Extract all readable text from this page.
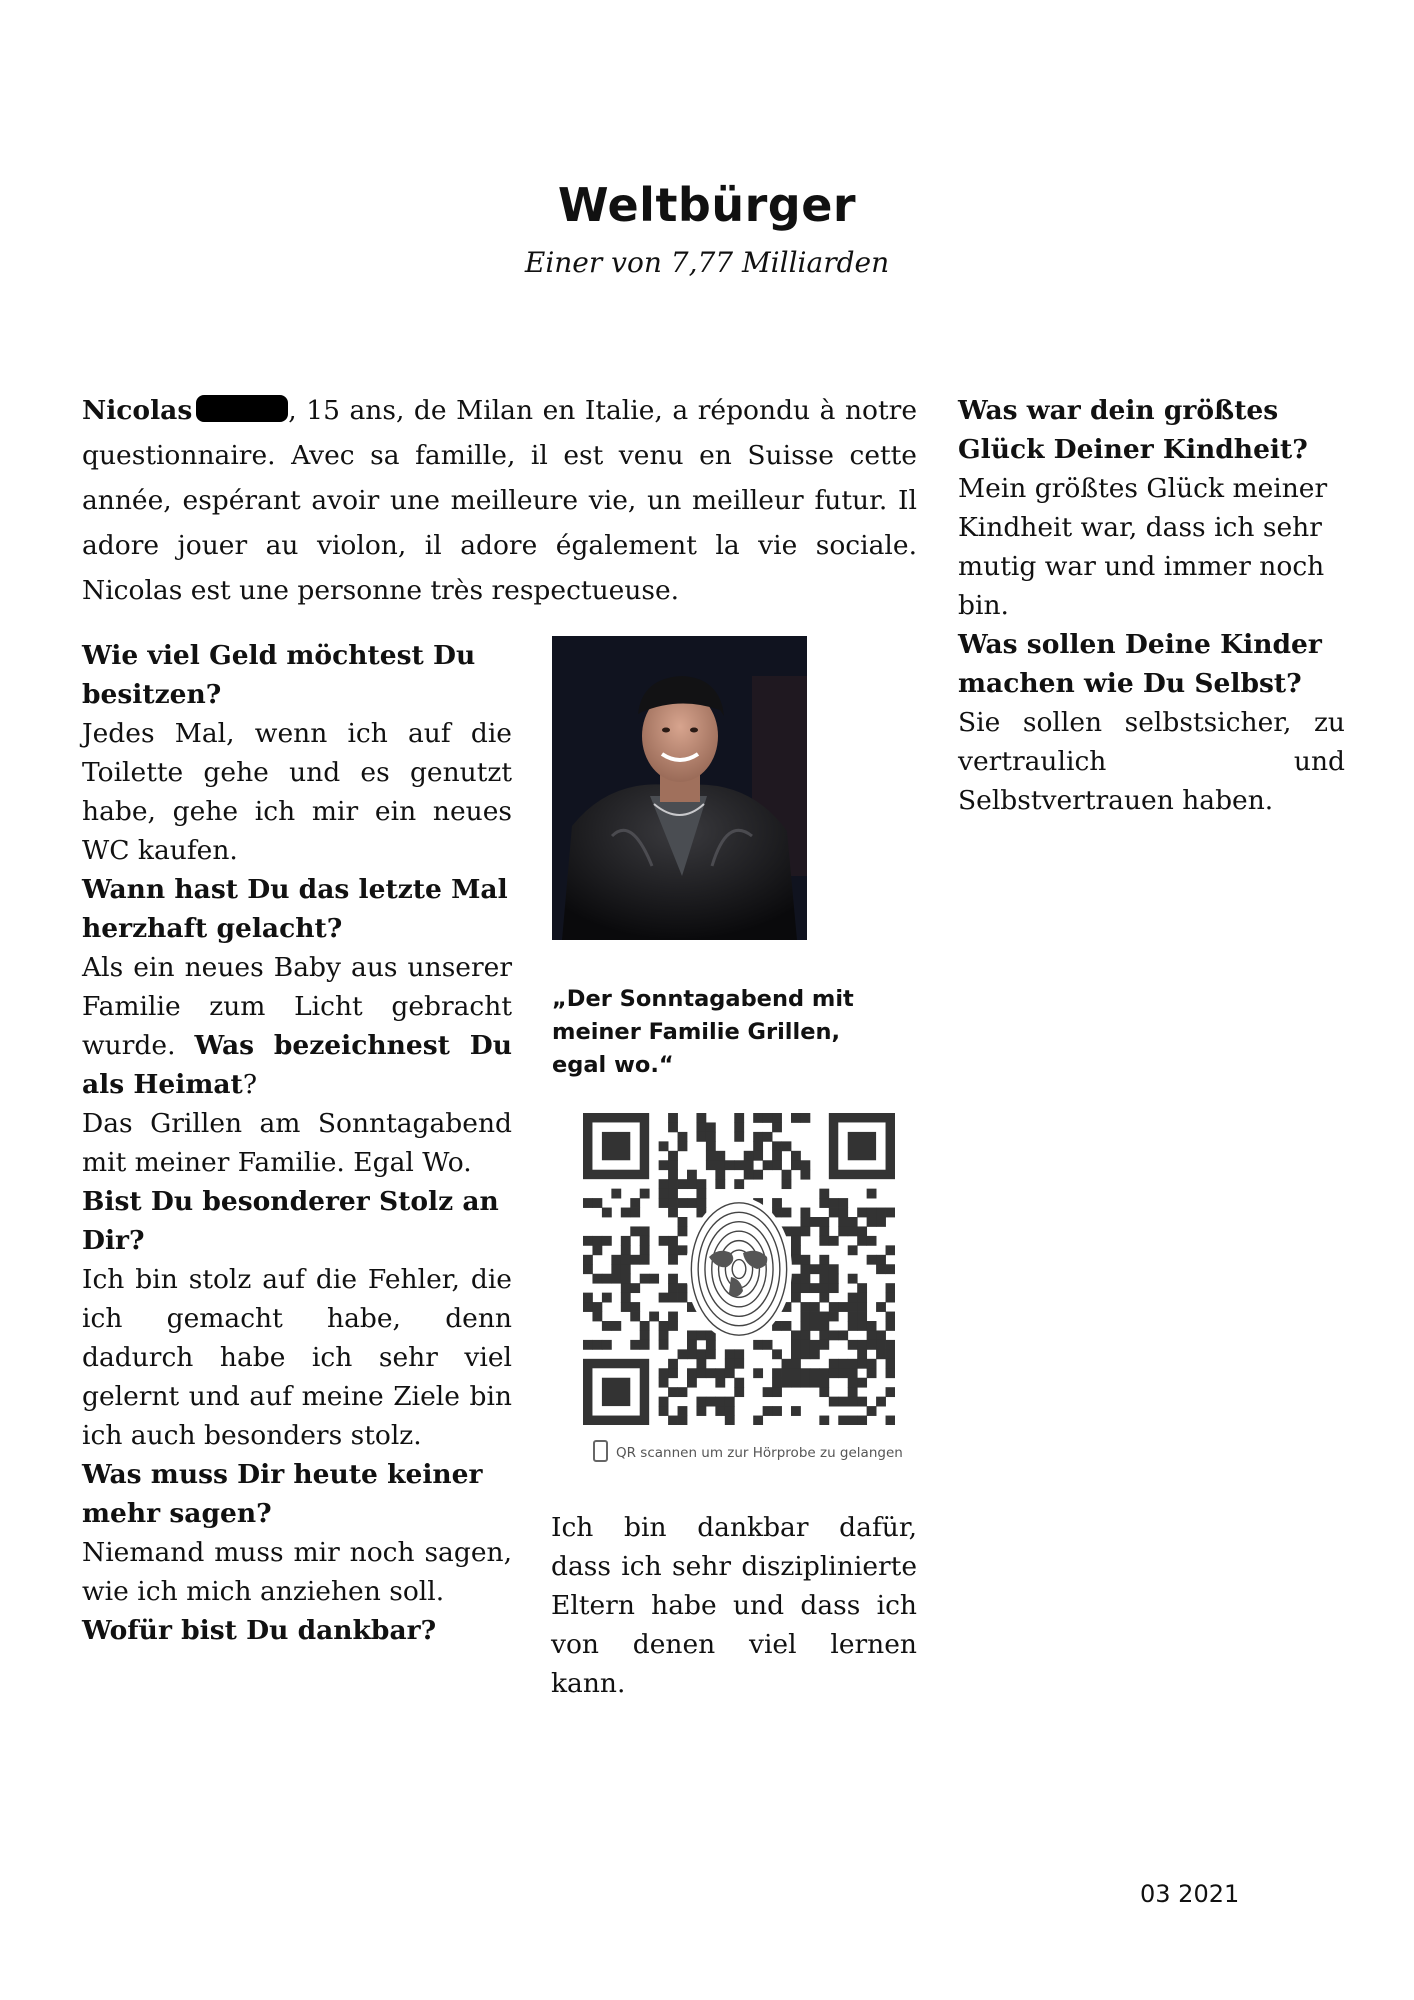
Weltbürger
Einer von 7,77 Milliarden
Nicolas	, 15 ans, de Milan en Italie, a répondu à notre questionnaire. Avec sa famille, il est venu en Suisse cette année, espérant avoir une meilleure vie, un meilleur futur. Il adore jouer au violon, il adore également la vie sociale. Nicolas est une personne très respectueuse.

Wie viel Geld möchtest Du besitzen?

Jedes Mal, wenn ich auf die Toilette gehe und es genutzt habe, gehe ich mir ein neues WC kaufen.

Wann hast Du das letzte Mal herzhaft gelacht?

Als ein neues Baby aus unserer Familie zum Licht gebracht wurde. Was bezeichnest Du als Heimat?

Das Grillen am Sonntagabend mit meiner Familie. Egal Wo.

Bist Du besonderer Stolz an Dir?

Ich bin stolz auf die Fehler, die ich gemacht habe, denn dadurch habe ich sehr viel gelernt und auf meine Ziele bin ich auch besonders stolz.

Was muss Dir heute keiner mehr sagen?

Niemand muss mir noch sagen, wie ich mich anziehen soll.

Wofür bist Du dankbar?

„Der Sonntagabend mit meiner Familie Grillen, egal wo.“
QR scannen um zur Hörprobe zu gelangen

Ich bin dankbar dafür, dass ich sehr disziplinierte Eltern habe und dass ich von denen viel lernen kann.

Was war dein größtes Glück Deiner Kindheit?

Mein größtes Glück meiner Kindheit war, dass ich sehr mutig war und immer noch bin.

Was sollen Deine Kinder machen wie Du Selbst?

Sie sollen selbstsicher, zu vertraulich und Selbstvertrauen haben.

03 2021
